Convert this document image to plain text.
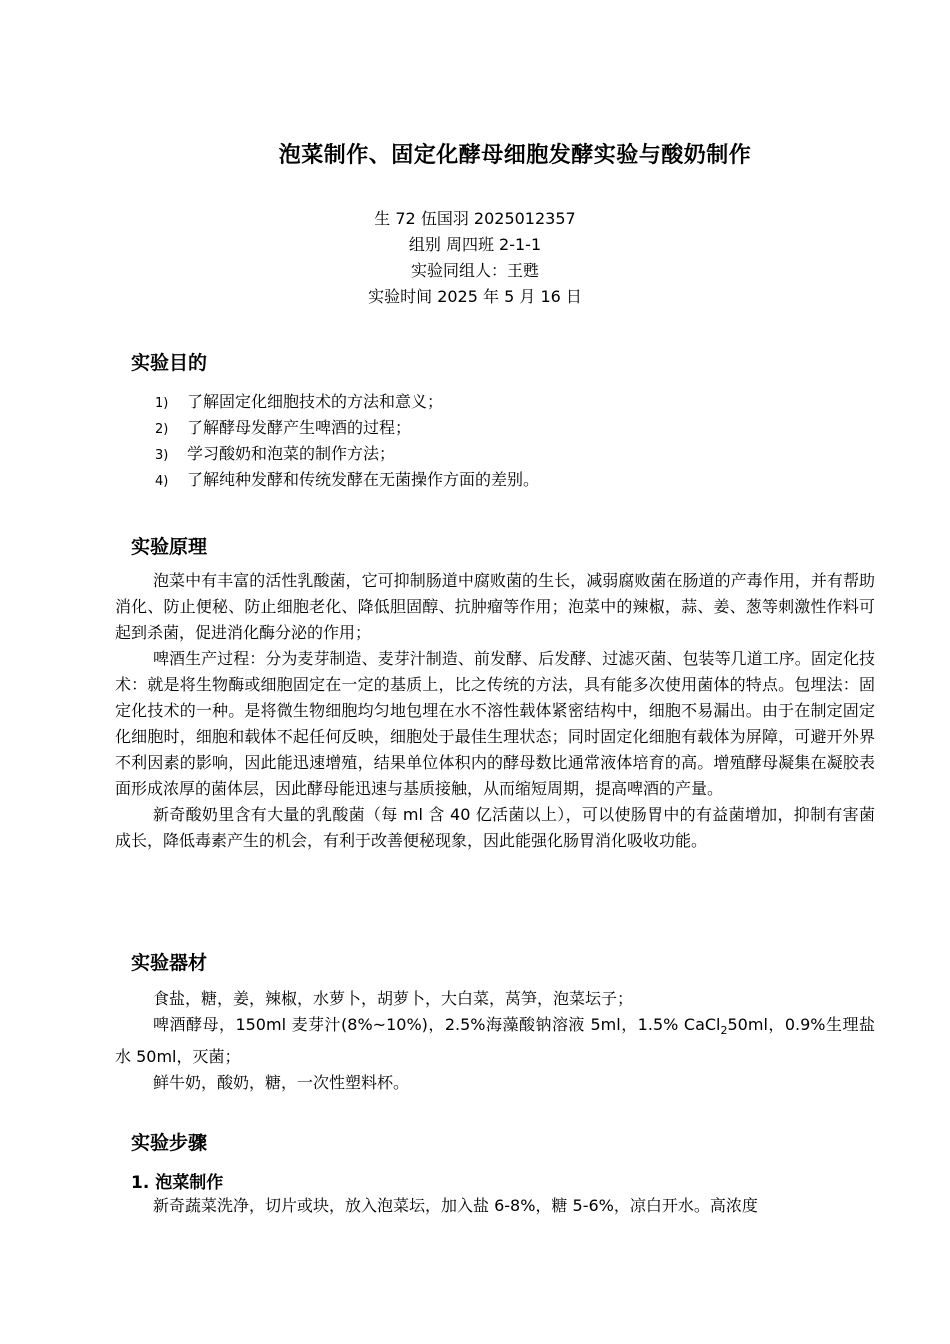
泡菜制作、固定化酵母细胞发酵实验与酸奶制作
生 72 伍国羽 2025012357
组别 周四班 2-1-1
实验同组人：王甦
实验时间 2025 年 5 月 16 日
实验目的
1) 了解固定化细胞技术的方法和意义；
2) 了解酵母发酵产生啤酒的过程；
3) 学习酸奶和泡菜的制作方法；
4) 了解纯种发酵和传统发酵在无菌操作方面的差别。
实验原理

泡菜中有丰富的活性乳酸菌，它可抑制肠道中腐败菌的生长，减弱腐败菌在肠道的产毒作用，并有帮助消化、防止便秘、防止细胞老化、降低胆固醇、抗肿瘤等作用；泡菜中的辣椒，蒜、姜、葱等刺激性作料可起到杀菌，促进消化酶分泌的作用；

啤酒生产过程：分为麦芽制造、麦芽汁制造、前发酵、后发酵、过滤灭菌、包装等几道工序。固定化技术：就是将生物酶或细胞固定在一定的基质上，比之传统的方法，具有能多次使用菌体的特点。包埋法：固定化技术的一种。是将微生物细胞均匀地包埋在水不溶性载体紧密结构中，细胞不易漏出。由于在制定固定化细胞时，细胞和载体不起任何反映，细胞处于最佳生理状态；同时固定化细胞有载体为屏障，可避开外界不利因素的影响，因此能迅速增殖，结果单位体积内的酵母数比通常液体培育的高。增殖酵母凝集在凝胶表面形成浓厚的菌体层，因此酵母能迅速与基质接触，从而缩短周期，提高啤酒的产量。

新奇酸奶里含有大量的乳酸菌（每 ml 含 40 亿活菌以上），可以使肠胃中的有益菌增加，抑制有害菌成长，降低毒素产生的机会，有利于改善便秘现象，因此能强化肠胃消化吸收功能。

实验器材

食盐，糖，姜，辣椒，水萝卜，胡萝卜，大白菜，莴笋，泡菜坛子；

啤酒酵母，150ml 麦芽汁(8%~10%)，2.5%海藻酸钠溶液 5ml，1.5% CaCl$_2$50ml，0.9%生理盐水 50ml，灭菌；

鲜牛奶，酸奶，糖，一次性塑料杯。

实验步骤
1. 泡菜制作

新奇蔬菜洗净，切片或块，放入泡菜坛，加入盐 6-8%，糖 5-6%，凉白开水。高浓度
